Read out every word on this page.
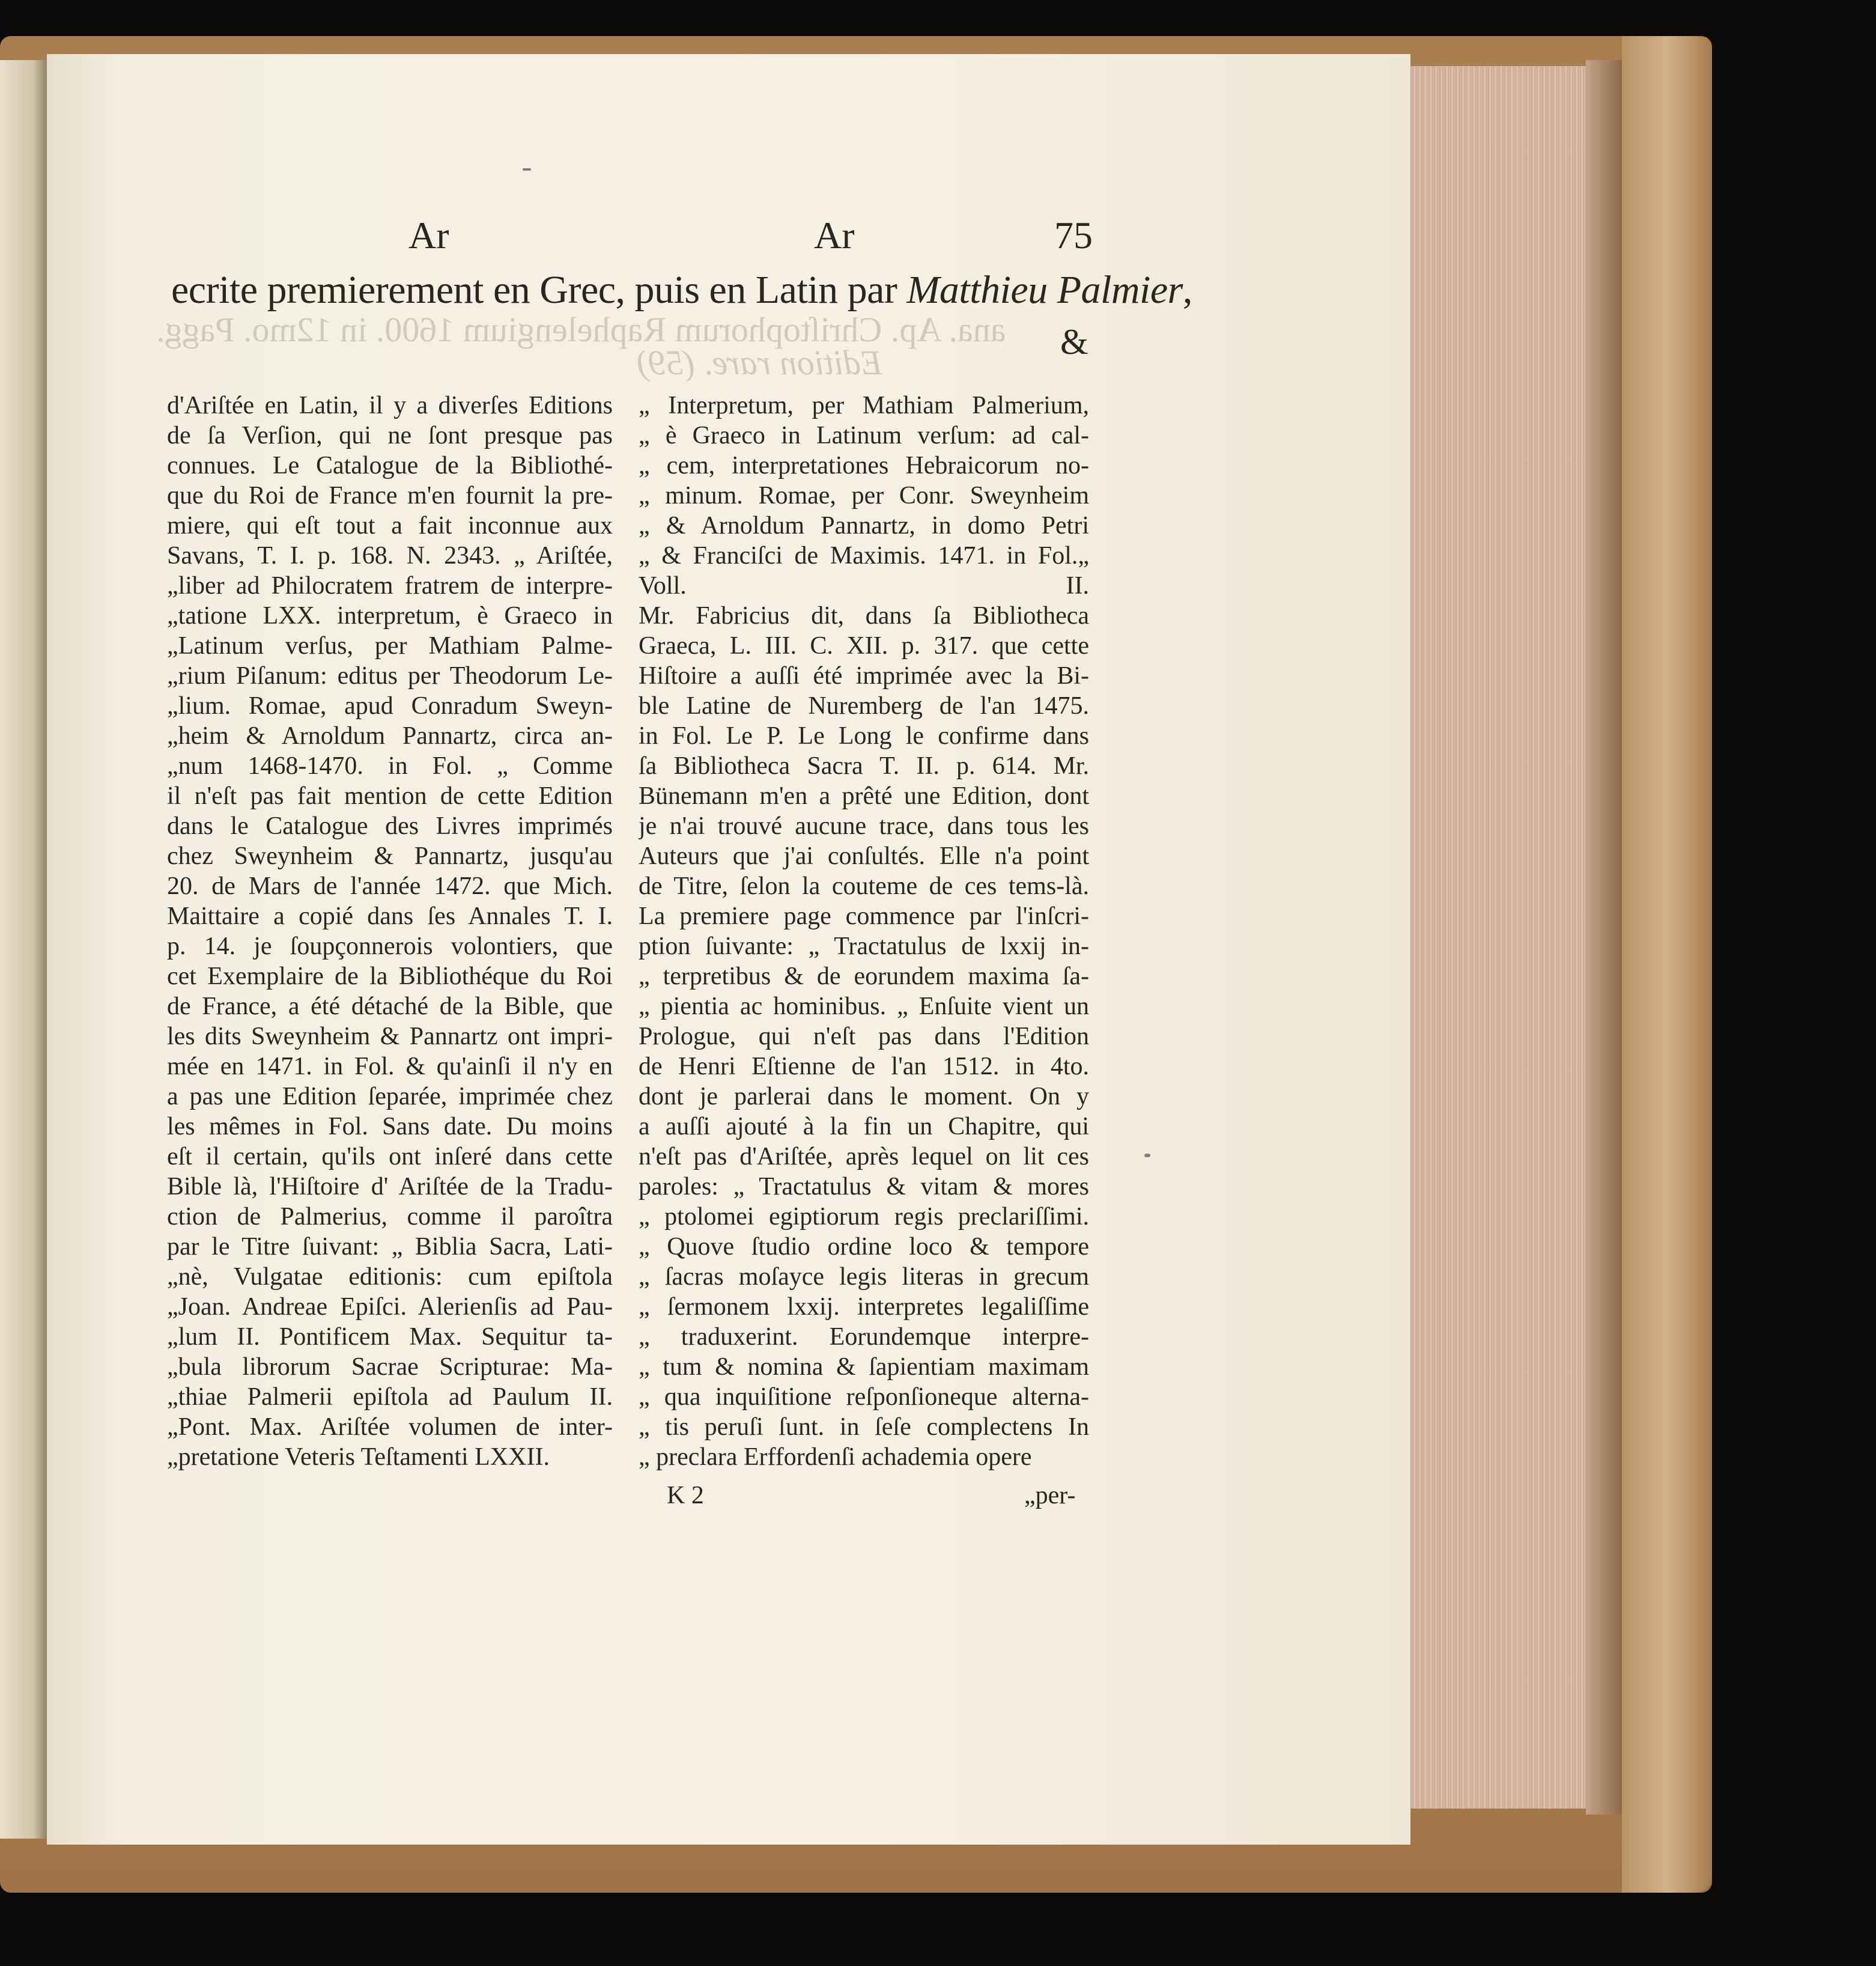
ana. Ap. Chriſtophorum Raphelengium 1600. in 12mo. Pagg.
Edition rare. (59)
Ar	Ar	75
ecrite premierement en Grec, puis en Latin par Matthieu Palmier,
&
d'Ariſtée en Latin, il y a diverſes Editions
de ſa Verſion, qui ne ſont presque pas
connues. Le Catalogue de la Bibliothé-
que du Roi de France m'en fournit la pre-
miere, qui eſt tout a fait inconnue aux
Savans, T. I. p. 168. N. 2343. „ Ariſtée,
„liber ad Philocratem fratrem de interpre-
„tatione LXX. interpretum, è Graeco in
„Latinum verſus, per Mathiam Palme-
„rium Piſanum: editus per Theodorum Le-
„lium. Romae, apud Conradum Sweyn-
„heim & Arnoldum Pannartz, circa an-
„num 1468-1470. in Fol. „ Comme
il n'eſt pas fait mention de cette Edition
dans le Catalogue des Livres imprimés
chez Sweynheim & Pannartz, jusqu'au
20. de Mars de l'année 1472. que Mich.
Maittaire a copié dans ſes Annales T. I.
p. 14. je ſoupçonnerois volontiers, que
cet Exemplaire de la Bibliothéque du Roi
de France, a été détaché de la Bible, que
les dits Sweynheim & Pannartz ont impri-
mée en 1471. in Fol. & qu'ainſi il n'y en
a pas une Edition ſeparée, imprimée chez
les mêmes in Fol. Sans date. Du moins
eſt il certain, qu'ils ont inſeré dans cette
Bible là, l'Hiſtoire d' Ariſtée de la Tradu-
ction de Palmerius, comme il paroîtra
par le Titre ſuivant: „ Biblia Sacra, Lati-
„nè, Vulgatae editionis: cum epiſtola
„Joan. Andreae Epiſci. Alerienſis ad Pau-
„lum II. Pontificem Max. Sequitur ta-
„bula librorum Sacrae Scripturae: Ma-
„thiae Palmerii epiſtola ad Paulum II.
„Pont. Max. Ariſtée volumen de inter-
„pretatione Veteris Teſtamenti LXXII.
„ Interpretum, per Mathiam Palmerium,
„ è Graeco in Latinum verſum: ad cal-
„ cem, interpretationes Hebraicorum no-
„ minum. Romae, per Conr. Sweynheim
„ & Arnoldum Pannartz, in domo Petri
„ & Franciſci de Maximis. 1471. in Fol.„
Voll. II.
Mr. Fabricius dit, dans ſa Bibliotheca
Graeca, L. III. C. XII. p. 317. que cette
Hiſtoire a auſſi été imprimée avec la Bi-
ble Latine de Nuremberg de l'an 1475.
in Fol. Le P. Le Long le confirme dans
ſa Bibliotheca Sacra T. II. p. 614. Mr.
Bünemann m'en a prêté une Edition, dont
je n'ai trouvé aucune trace, dans tous les
Auteurs que j'ai conſultés. Elle n'a point
de Titre, ſelon la couteme de ces tems-là.
La premiere page commence par l'inſcri-
ption ſuivante: „ Tractatulus de lxxij in-
„ terpretibus & de eorundem maxima ſa-
„ pientia ac hominibus. „ Enſuite vient un
Prologue, qui n'eſt pas dans l'Edition
de Henri Eſtienne de l'an 1512. in 4to.
dont je parlerai dans le moment. On y
a auſſi ajouté à la fin un Chapitre, qui
n'eſt pas d'Ariſtée, après lequel on lit ces
paroles: „ Tractatulus & vitam & mores
„ ptolomei egiptiorum regis preclariſſimi.
„ Quove ſtudio ordine loco & tempore
„ ſacras moſayce legis literas in grecum
„ ſermonem lxxij. interpretes legaliſſime
„ traduxerint. Eorundemque interpre-
„ tum & nomina & ſapientiam maximam
„ qua inquiſitione reſponſioneque alterna-
„ tis peruſi ſunt. in ſeſe complectens In
„ preclara Erffordenſi achademia opere
K 2	„per-
